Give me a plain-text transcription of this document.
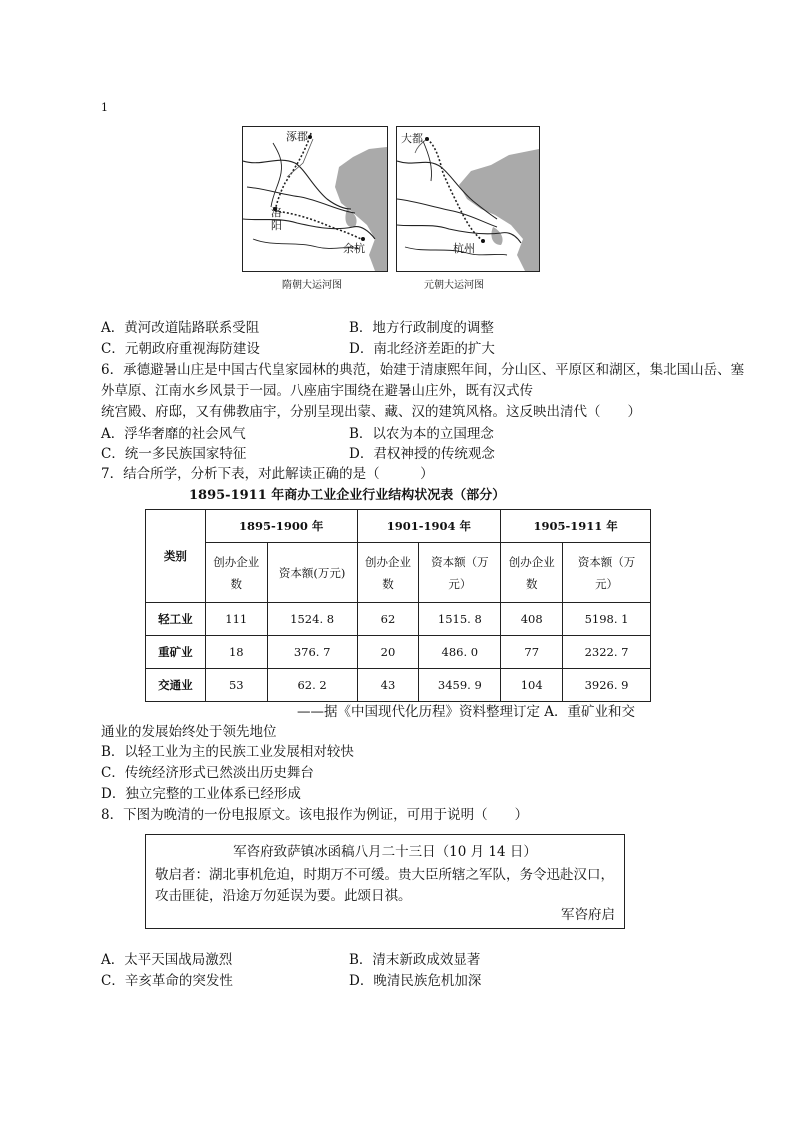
1
涿郡
洛
阳
余杭
隋朝大运河图
大都
杭州
元朝大运河图
A．黄河改道陆路联系受阻	B．地方行政制度的调整
C．元朝政府重视海防建设	D．南北经济差距的扩大
6．承德避暑山庄是中国古代皇家园林的典范，始建于清康熙年间，分山区、平原区和湖区，集北国山岳、塞
外草原、江南水乡风景于一园。八座庙宇围绕在避暑山庄外，既有汉式传
统宫殿、府邸，又有佛教庙宇，分别呈现出蒙、藏、汉的建筑风格。这反映出清代（　　）
A．浮华奢靡的社会风气	B．以农为本的立国理念
C．统一多民族国家特征	D．君权神授的传统观念
7．结合所学，分析下表，对此解读正确的是（　　　）
1895-1911 年商办工业企业行业结构状况表（部分）
类别	1895-1900 年		1901-1904 年		1905-1911 年	
	创办企业数	资本额(万元)	创办企业数	资本额（万元）	创办企业数	资本额（万元）
轻工业	111	1524. 8	62	1515. 8	408	5198. 1
重矿业	18	376. 7	20	486. 0	77	2322. 7
交通业	53	62. 2	43	3459. 9	104	3926. 9
——据《中国现代化历程》资料整理订定 A．重矿业和交
通业的发展始终处于领先地位
B．以轻工业为主的民族工业发展相对较快
C．传统经济形式已然淡出历史舞台
D．独立完整的工业体系已经形成
8．下图为晚清的一份电报原文。该电报作为例证，可用于说明（　　）
军咨府致萨镇冰函稿八月二十三日（10 月 14 日）
敬启者：湖北事机危迫，时期万不可缓。贵大臣所辖之军队，务令迅赴汉口，
攻击匪徒，沿途万勿延误为要。此颂日祺。
军咨府启
A．太平天国战局激烈	B．清末新政成效显著
C．辛亥革命的突发性	D．晚清民族危机加深
